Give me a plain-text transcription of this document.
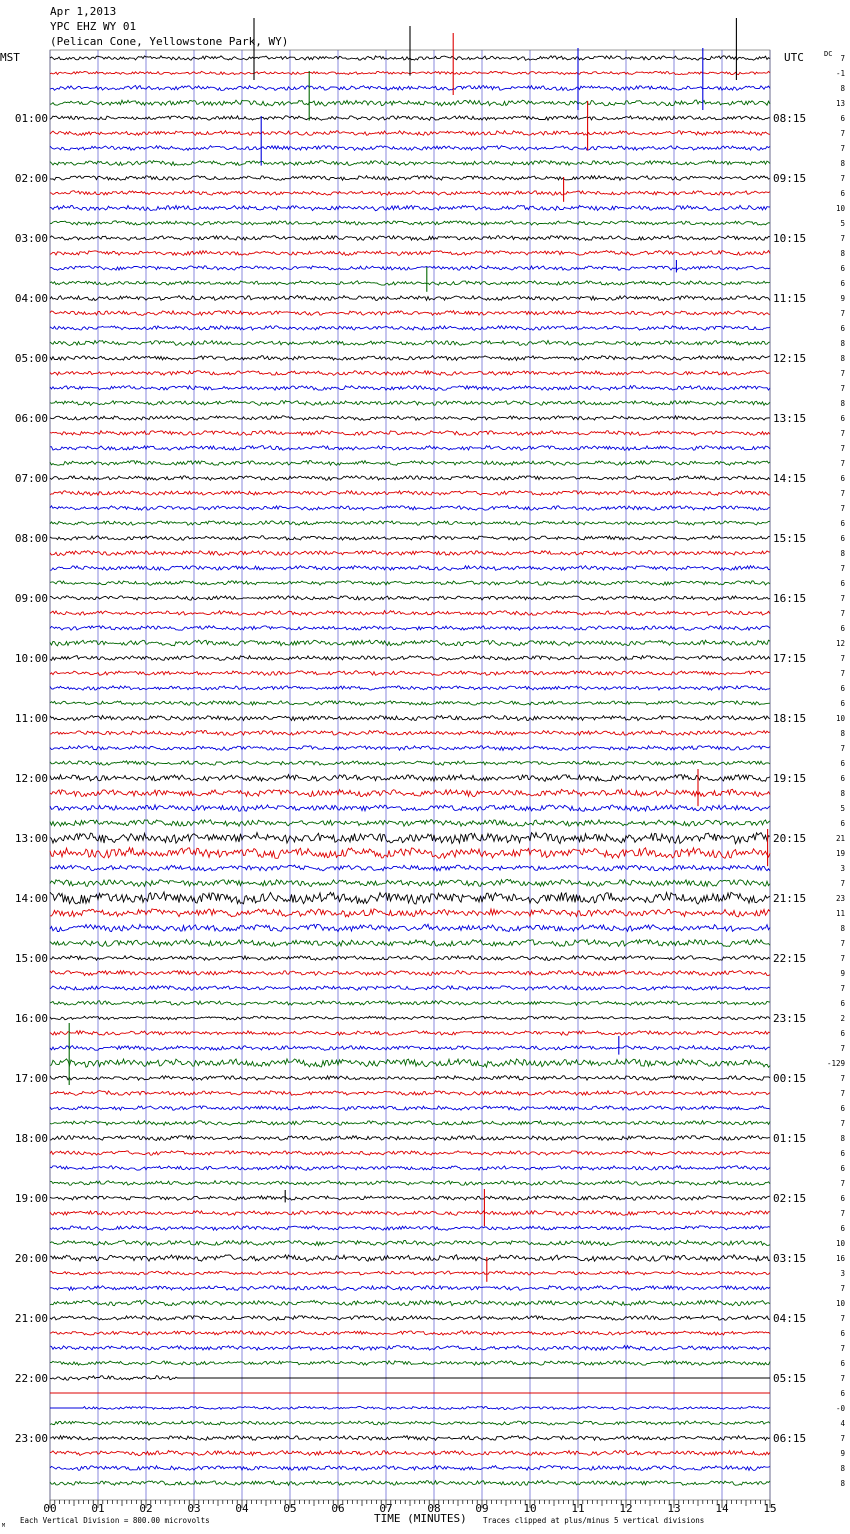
Apr 1,2013
YPC EHZ WY 01
(Pelican Cone, Yellowstone Park, WY)
00	01	02	03	04	05	06	07	08	09	10	11	12	13	14	15
01:00
02:00
03:00
04:00
05:00
06:00
07:00
08:00
09:00
10:00
11:00
12:00
13:00
14:00
15:00
16:00
17:00
18:00
19:00
20:00
21:00
22:00
23:00
08:15
09:15
10:15
11:15
12:15
13:15
14:15
15:15
16:15
17:15
18:15
19:15
20:15
21:15
22:15
23:15
00:15
01:15
02:15
03:15
04:15
05:15
06:15
7
-1
8
13
6
7
7
8
7
6
10
5
7
8
6
6
9
7
6
8
8
7
7
8
6
7
7
7
6
7
7
6
6
8
7
6
7
7
6
12
7
7
6
6
10
8
7
6
6
8
5
6
21
19
3
7
23
11
8
7
7
9
7
6
2
6
7
-129
7
7
6
7
8
6
6
7
6
7
6
10
16
3
7
10
7
6
7
6
7
6
-0
4
7
9
8
8
MST	UTC	DC
TIME (MINUTES)
M
Each Vertical Division = 800.00 microvolts	Traces clipped at plus/minus 5 vertical divisions
